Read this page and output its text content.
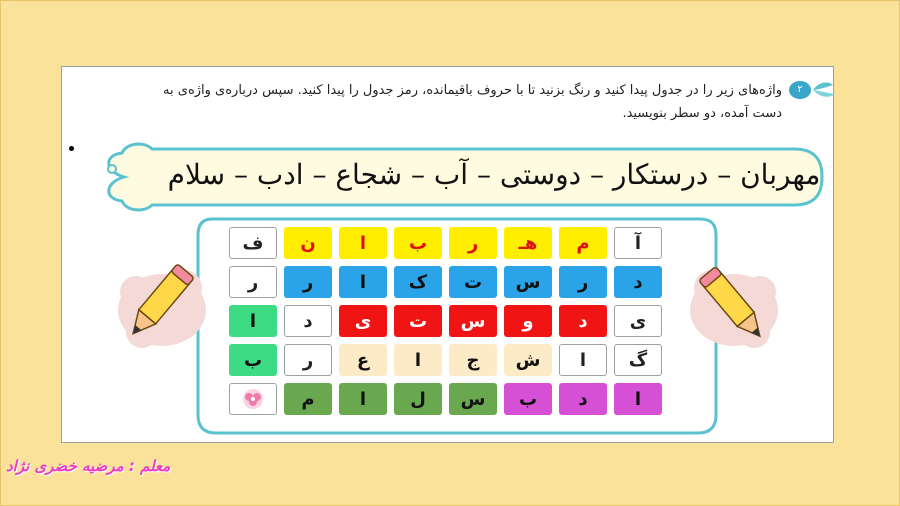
۲
واژه‌های زیر را در جدول پیدا کنید و رنگ بزنید تا با حروف باقیمانده، رمز جدول را پیدا کنید. سپس درباره‌ی واژه‌ی به دست آمده، دو سطر بنویسید.
مهربان – درستکار – دوستی – آب – شجاع – ادب – سلام
ف	ن	ا	ب	ر	هـ	م	آ
ر	ر	ا	ک	ت	س	ر	د
ا	د	ی	ت	س	و	د	ی
ب	ر	ع	ا	ج	ش	ا	گ
م	ا	ل	س	ب	د	ا
معلم : مرضیه خضری نژاد
